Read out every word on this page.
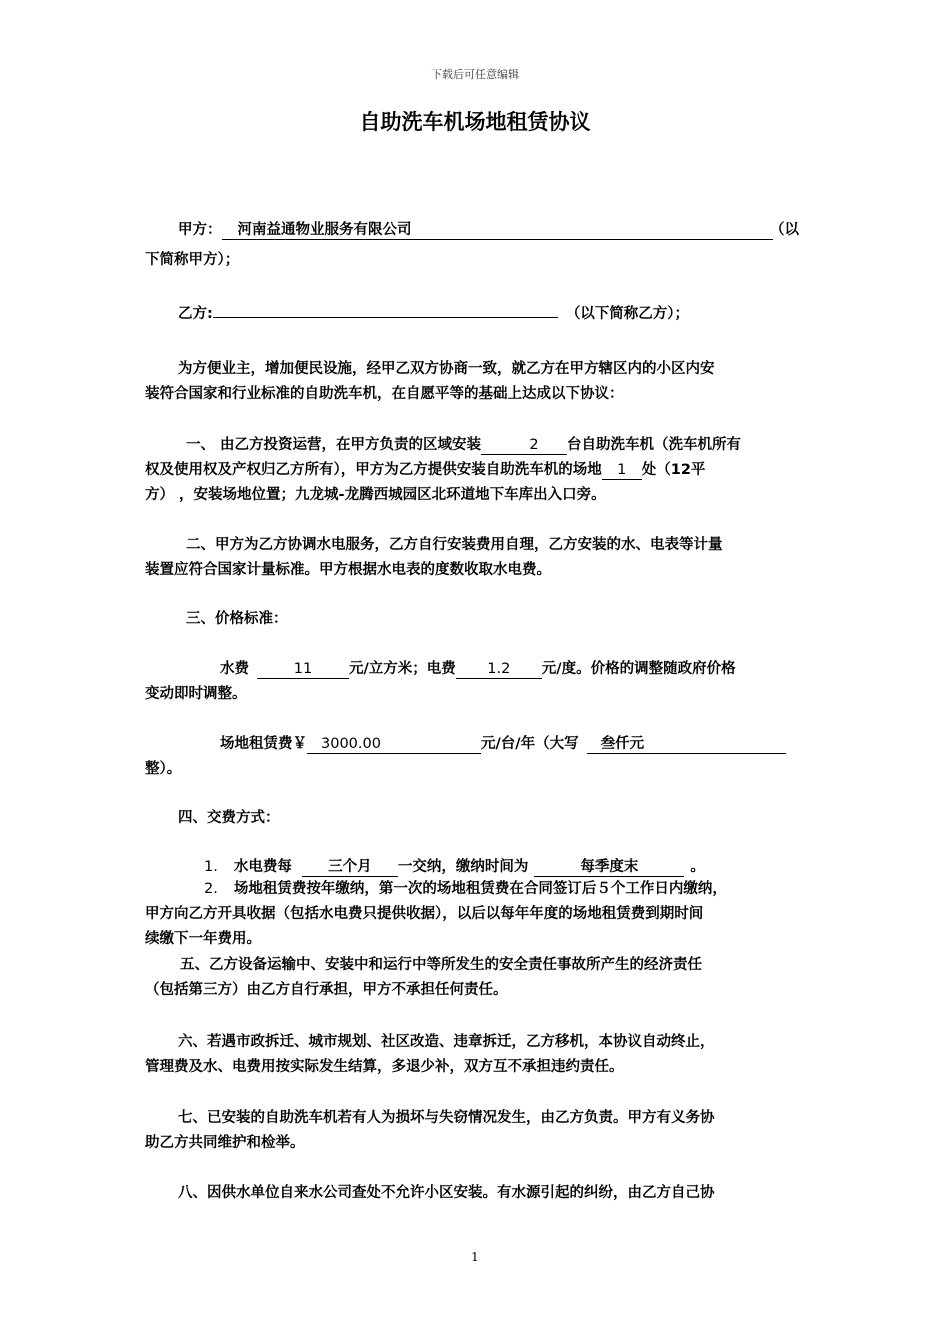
下载后可任意编辑
自助洗车机场地租赁协议
甲方： 河南益通物业服务有限公司	（以
下简称甲方）；
乙方:	（以下简称乙方）；
为方便业主，增加便民设施，经甲乙双方协商一致，就乙方在甲方辖区内的小区内安
装符合国家和行业标准的自助洗车机，在自愿平等的基础上达成以下协议：
一、 由乙方投资运营，在甲方负责的区域安装	2 台自助洗车机（洗车机所有
权及使用权及产权归乙方所有），甲方为乙方提供安装自助洗车机的场地 1 处（12平
方） ，安装场地位置；九龙城-龙腾西城园区北环道地下车库出入口旁。
二、甲方为乙方协调水电服务，乙方自行安装费用自理，乙方安装的水、电表等计量
装置应符合国家计量标准。甲方根据水电表的度数收取水电费。
三、价格标准：
水费	11	元/立方米；电费 1.2 元/度。价格的调整随政府价格
变动即时调整。
场地租赁费￥ 3000.00	元/台/年（大写 叁仟元
整）。
四、交费方式：
1. 水电费每	三个月 一交纳，缴纳时间为	每季度末	。
2. 场地租赁费按年缴纳，第一次的场地租赁费在合同签订后５个工作日内缴纳，
甲方向乙方开具收据（包括水电费只提供收据），以后以每年年度的场地租赁费到期时间
续缴下一年费用。
五、乙方设备运输中、安装中和运行中等所发生的安全责任事故所产生的经济责任
（包括第三方）由乙方自行承担，甲方不承担任何责任。
六、若遇市政拆迁、城市规划、社区改造、违章拆迁，乙方移机，本协议自动终止，
管理费及水、电费用按实际发生结算，多退少补，双方互不承担违约责任。
七、已安装的自助洗车机若有人为损坏与失窃情况发生，由乙方负责。甲方有义务协
助乙方共同维护和检举。
八、因供水单位自来水公司查处不允许小区安装。有水源引起的纠纷，由乙方自己协
1
